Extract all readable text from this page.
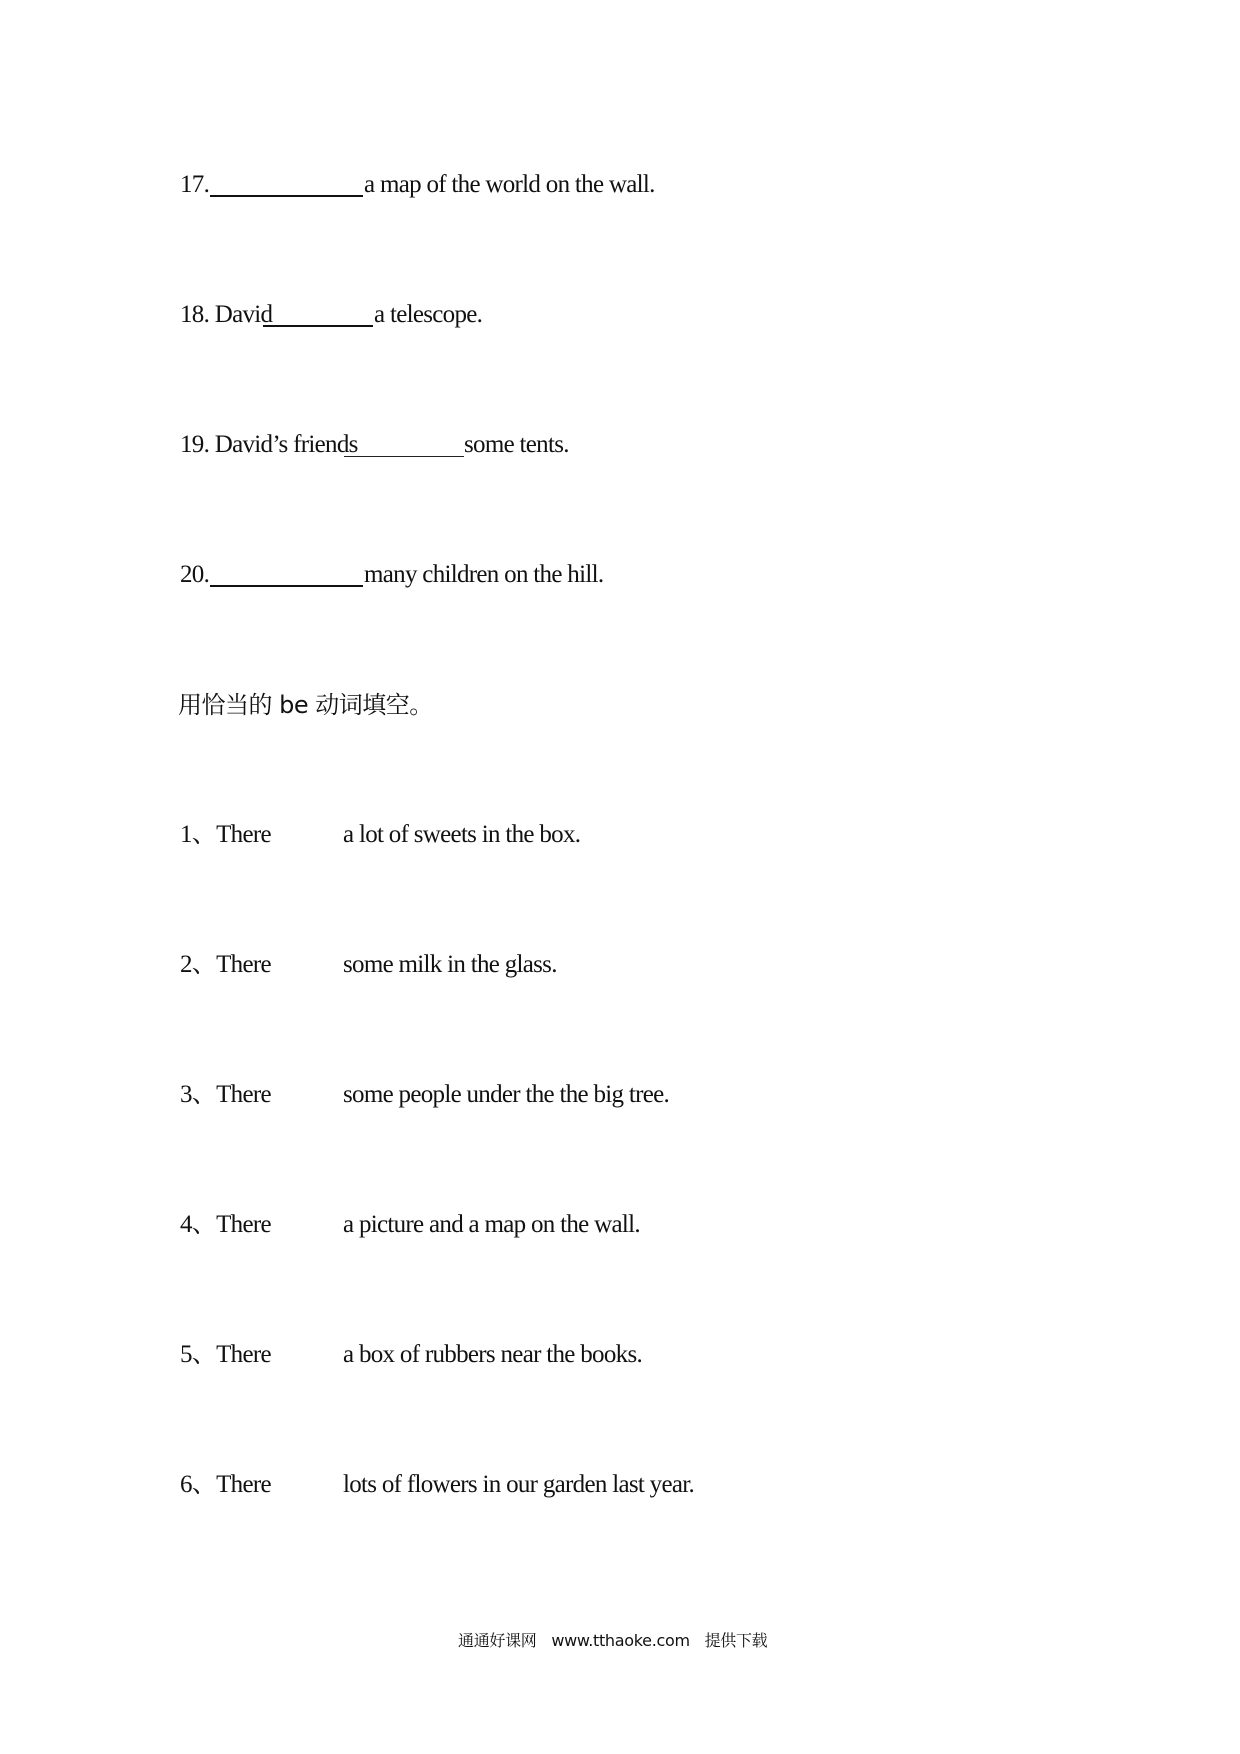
17.	a map of the world on the wall.
18. David	a telescope.
19. David’s friends	some tents.
20.	many children on the hill.
用恰当的 be 动词填空。
1、There	a lot of sweets in the box.
2、There	some milk in the glass.
3、There	some people under the the big tree.
4、There	a picture and a map on the wall.
5、There	a box of rubbers near the books.
6、There	lots of flowers in our garden last year.
通通好课网 www.tthaoke.com 提供下载
